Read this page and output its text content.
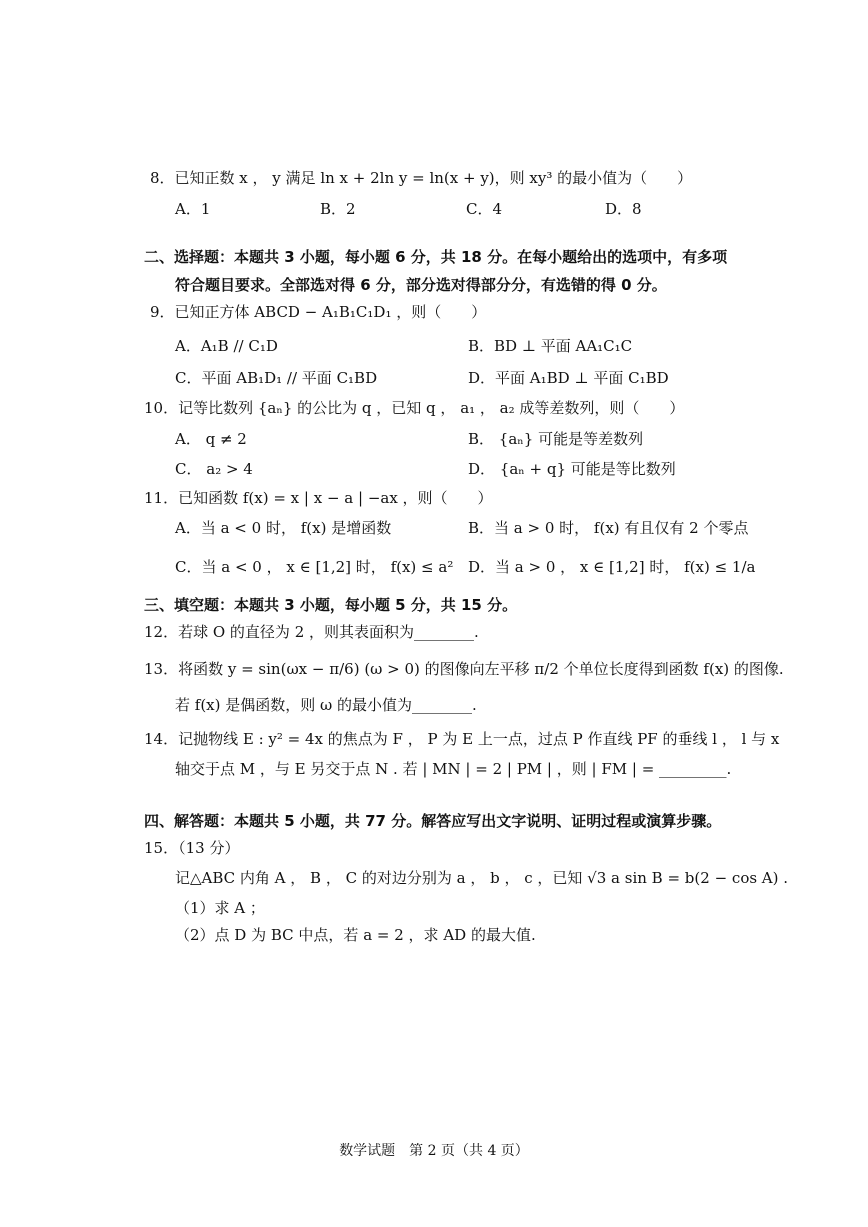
8．已知正数 x ， y 满足 ln x + 2ln y = ln(x + y)，则 xy³ 的最小值为（　　）
A．1	B．2	C．4	D．8
二、选择题：本题共 3 小题，每小题 6 分，共 18 分。在每小题给出的选项中，有多项
符合题目要求。全部选对得 6 分，部分选对得部分分，有选错的得 0 分。
9．已知正方体 ABCD − A₁B₁C₁D₁ ，则（　　）
A．A₁B // C₁D	B．BD ⊥ 平面 AA₁C₁C
C．平面 AB₁D₁ // 平面 C₁BD	D．平面 A₁BD ⊥ 平面 C₁BD
10．记等比数列 {aₙ} 的公比为 q ，已知 q ， a₁ ， a₂ 成等差数列，则（　　）
A． q ≠ 2	B． {aₙ} 可能是等差数列
C． a₂ > 4	D． {aₙ + q} 可能是等比数列
11．已知函数 f(x) = x | x − a | −ax ，则（　　）
A．当 a < 0 时， f(x) 是增函数	B．当 a > 0 时， f(x) 有且仅有 2 个零点
C．当 a < 0 ， x ∈ [1,2] 时， f(x) ≤ a² D．当 a > 0 ， x ∈ [1,2] 时， f(x) ≤ 1/a
三、填空题：本题共 3 小题，每小题 5 分，共 15 分。
12．若球 O 的直径为 2 ，则其表面积为________.
13．将函数 y = sin(ωx − π/6) (ω > 0) 的图像向左平移 π/2 个单位长度得到函数 f(x) 的图像.
若 f(x) 是偶函数，则 ω 的最小值为________.
14．记抛物线 E : y² = 4x 的焦点为 F ， P 为 E 上一点，过点 P 作直线 PF 的垂线 l ， l 与 x
轴交于点 M ，与 E 另交于点 N . 若 | MN | = 2 | PM | ，则 | FM | = _________.
四、解答题：本题共 5 小题，共 77 分。解答应写出文字说明、证明过程或演算步骤。
15．（13 分）
记△ABC 内角 A ， B ， C 的对边分别为 a ， b ， c ，已知 √3 a sin B = b(2 − cos A) .
（1）求 A ；
（2）点 D 为 BC 中点，若 a = 2 ，求 AD 的最大值.
数学试题　第 2 页（共 4 页）
